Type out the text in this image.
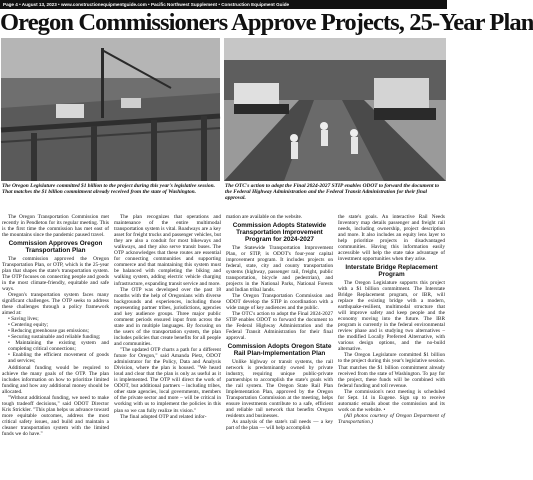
Page 4 • August 13, 2023 • www.constructionequipmentguide.com • Pacific Northwest Supplement • Construction Equipment Guide
Oregon Commissioners Approve Projects, 25-Year Plan
The Oregon Legislature committed $1 billion to the project during this year's legislative session. That matches the $1 billion commitment already received from the state of Washington.
The OTC's action to adopt the Final 2024-2027 STIP enables ODOT to forward the document to the Federal Highway Administration and the Federal Transit Administration for their final approval.

The Oregon Transportation Commission met recently in Pendleton for its regular meeting. This is the first time the commission has met east of the mountains since the pandemic paused travel.

Commission Approves Oregon Transportation Plan

The commission approved the Oregon Transportation Plan, or OTP, which is the 25-year plan that shapes the state's transportation system. The OTP focuses on connecting people and goods in the most climate-friendly, equitable and safe ways.

Oregon's transportation system faces many significant challenges. The OTP seeks to address these challenges through a policy framework aimed at:

• Saving lives;
• Centering equity;
• Reducing greenhouse gas emissions;
• Securing sustainable and reliable funding;
• Maintaining the existing system and completing critical connections;
• Enabling the efficient movement of goods and services;

Additional funding would be required to achieve the many goals of the OTP. The plan includes information on how to prioritize limited funding and how any additional money should be allocated.

"Without additional funding, we need to make tough tradeoff decisions," said ODOT Director Kris Strickler. "This plan helps us advance toward more equitable outcomes, address the most critical safety issues, and build and maintain a cleaner transportation system with the limited funds we do have."

The plan recognizes that operations and maintenance of the entire multimodal transportation system is vital. Roadways are a key asset for freight trucks and passenger vehicles, but they are also a conduit for most bikeways and walkways, and they also serve transit buses. The OTP acknowledges that these routes are essential for connecting communities and supporting commerce and that maintaining this system must be balanced with completing the biking and walking system, adding electric vehicle charging infrastructure, expanding transit service and more.

The OTP was developed over the past 18 months with the help of Oregonians with diverse backgrounds and experiences, including those representing partner tribes, jurisdictions, agencies and key audience groups. Three major public comment periods ensured input from across the state and in multiple languages. By focusing on the users of the transportation system, the plan includes policies that create benefits for all people and communities.

"The updated OTP charts a path for a different future for Oregon," said Amanda Pietz, ODOT administrator for the Policy, Data and Analysis Division, where the plan is housed. "We heard loud and clear that the plan is only as useful as it is implemented. The OTP will direct the work of ODOT, but additional partners – including tribes, other state agencies, local governments, members of the private sector and more – will be critical in working with us to implement the policies in this plan so we can fully realize its vision."

The final adopted OTP and related infor-

mation are available on the website.

Commission Adopts Statewide Transportation Improvement Program for 2024-2027

The Statewide Transportation Improvement Plan, or STIP, is ODOT's four-year capital improvement program. It includes projects on federal, state, city and county transportation systems (highway, passenger rail, freight, public transportation, bicycle and pedestrian), and projects in the National Parks, National Forests and Indian tribal lands.

The Oregon Transportation Commission and ODOT develop the STIP in coordination with a wide range of key audiences and the public.

The OTC's action to adopt the Final 2024-2027 STIP enables ODOT to forward the document to the Federal Highway Administration and the Federal Transit Administration for their final approval.

Commission Adopts Oregon State Rail Plan-Implementation Plan

Unlike highway or transit systems, the rail network is predominantly owned by private industry, requiring unique public-private partnerships to accomplish the state's goals with the rail system. The Oregon State Rail Plan Implementation Plan, approved by the Oregon Transportation Commission at the meeting, helps ensure investments contribute to a safe, efficient and reliable rail network that benefits Oregon residents and businesses.

As analysis of the state's rail needs — a key part of the plan — will help accomplish

the state's goals. An interactive Rail Needs Inventory map details passenger and freight rail needs, including ownership, project description and more. It also includes an equity lens layer to help prioritize projects in disadvantaged communities. Having this information easily accessible will help the state take advantage of investment opportunities when they arise.

Interstate Bridge Replacement Program

The Oregon Legislature supports this project with a $1 billion commitment. The Interstate Bridge Replacement program, or IBR, will replace the existing bridge with a modern, earthquake-resilient, multimodal structure that will improve safety and keep people and the economy moving into the future. The IBR program is currently in the federal environmental review phase and is studying two alternatives – the modified Locally Preferred Alternative, with various design options, and the no-build alternative.

The Oregon Legislature committed $1 billion to the project during this year's legislative session. That matches the $1 billion commitment already received from the state of Washington. To pay for the project, these funds will be combined with federal funding and toll revenue.

The commission's next meeting is scheduled for Sept. 14 in Eugene. Sign up to receive automatic emails about the commission and its work on the website. •

(All photos courtesy of Oregon Department of Transportation.)
